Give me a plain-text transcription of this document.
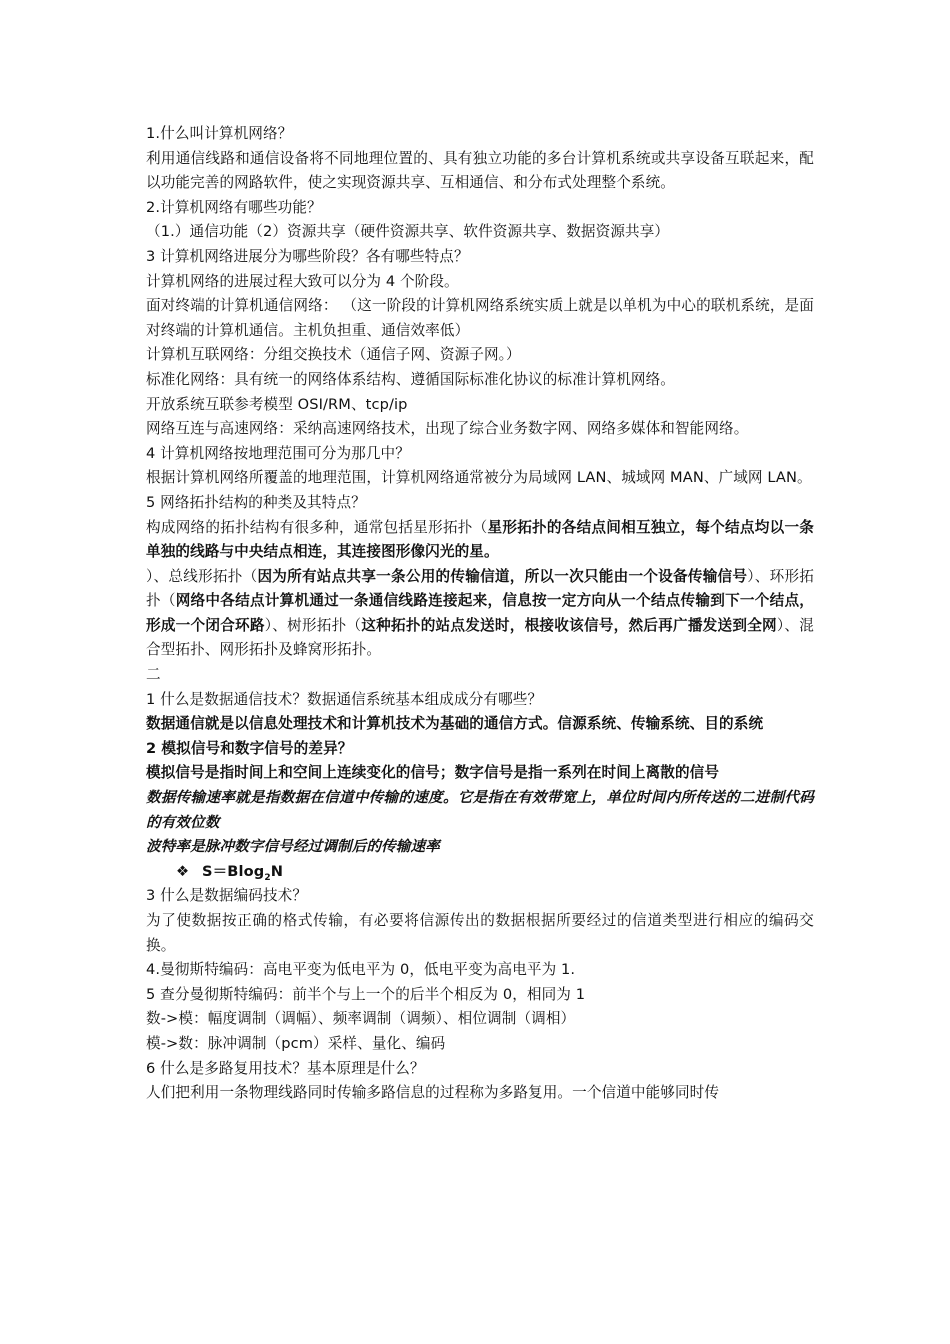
1.什么叫计算机网络？

利用通信线路和通信设备将不同地理位置的、具有独立功能的多台计算机系统或共享设备互联起来，配以功能完善的网路软件，使之实现资源共享、互相通信、和分布式处理整个系统。

2.计算机网络有哪些功能？

（1.）通信功能（2）资源共享（硬件资源共享、软件资源共享、数据资源共享）

3 计算机网络进展分为哪些阶段？各有哪些特点？

计算机网络的进展过程大致可以分为 4 个阶段。

面对终端的计算机通信网络： （这一阶段的计算机网络系统实质上就是以单机为中心的联机系统，是面对终端的计算机通信。主机负担重、通信效率低）

计算机互联网络：分组交换技术（通信子网、资源子网。）

标准化网络：具有统一的网络体系结构、遵循国际标准化协议的标准计算机网络。

开放系统互联参考模型 OSI/RM、tcp/ip

网络互连与高速网络：采纳高速网络技术，出现了综合业务数字网、网络多媒体和智能网络。

4 计算机网络按地理范围可分为那几中？

根据计算机网络所覆盖的地理范围，计算机网络通常被分为局域网 LAN、城域网 MAN、广域网 LAN。

5 网络拓扑结构的种类及其特点？

构成网络的拓扑结构有很多种，通常包括星形拓扑（星形拓扑的各结点间相互独立，每个结点均以一条单独的线路与中央结点相连，其连接图形像闪光的星。
）、总线形拓扑（因为所有站点共享一条公用的传输信道，所以一次只能由一个设备传输信号）、环形拓扑（网络中各结点计算机通过一条通信线路连接起来，信息按一定方向从一个结点传输到下一个结点，形成一个闭合环路）、树形拓扑（这种拓扑的站点发送时，根接收该信号，然后再广播发送到全网）、混合型拓扑、网形拓扑及蜂窝形拓扑。

二

1 什么是数据通信技术？数据通信系统基本组成成分有哪些？

数据通信就是以信息处理技术和计算机技术为基础的通信方式。信源系统、传输系统、目的系统

2 模拟信号和数字信号的差异？

模拟信号是指时间上和空间上连续变化的信号；数字信号是指一系列在时间上离散的信号

数据传输速率就是指数据在信道中传输的速度。它是指在有效带宽上，单位时间内所传送的二进制代码的有效位数

波特率是脉冲数字信号经过调制后的传输速率

❖ S＝Blog$_2$N

3 什么是数据编码技术？

为了使数据按正确的格式传输，有必要将信源传出的数据根据所要经过的信道类型进行相应的编码交换。

4.曼彻斯特编码：高电平变为低电平为 0，低电平变为高电平为 1.

5 查分曼彻斯特编码：前半个与上一个的后半个相反为 0，相同为 1

数->模：幅度调制（调幅）、频率调制（调频）、相位调制（调相）

模->数：脉冲调制（pcm）采样、量化、编码

6 什么是多路复用技术？基本原理是什么？

人们把利用一条物理线路同时传输多路信息的过程称为多路复用。一个信道中能够同时传
